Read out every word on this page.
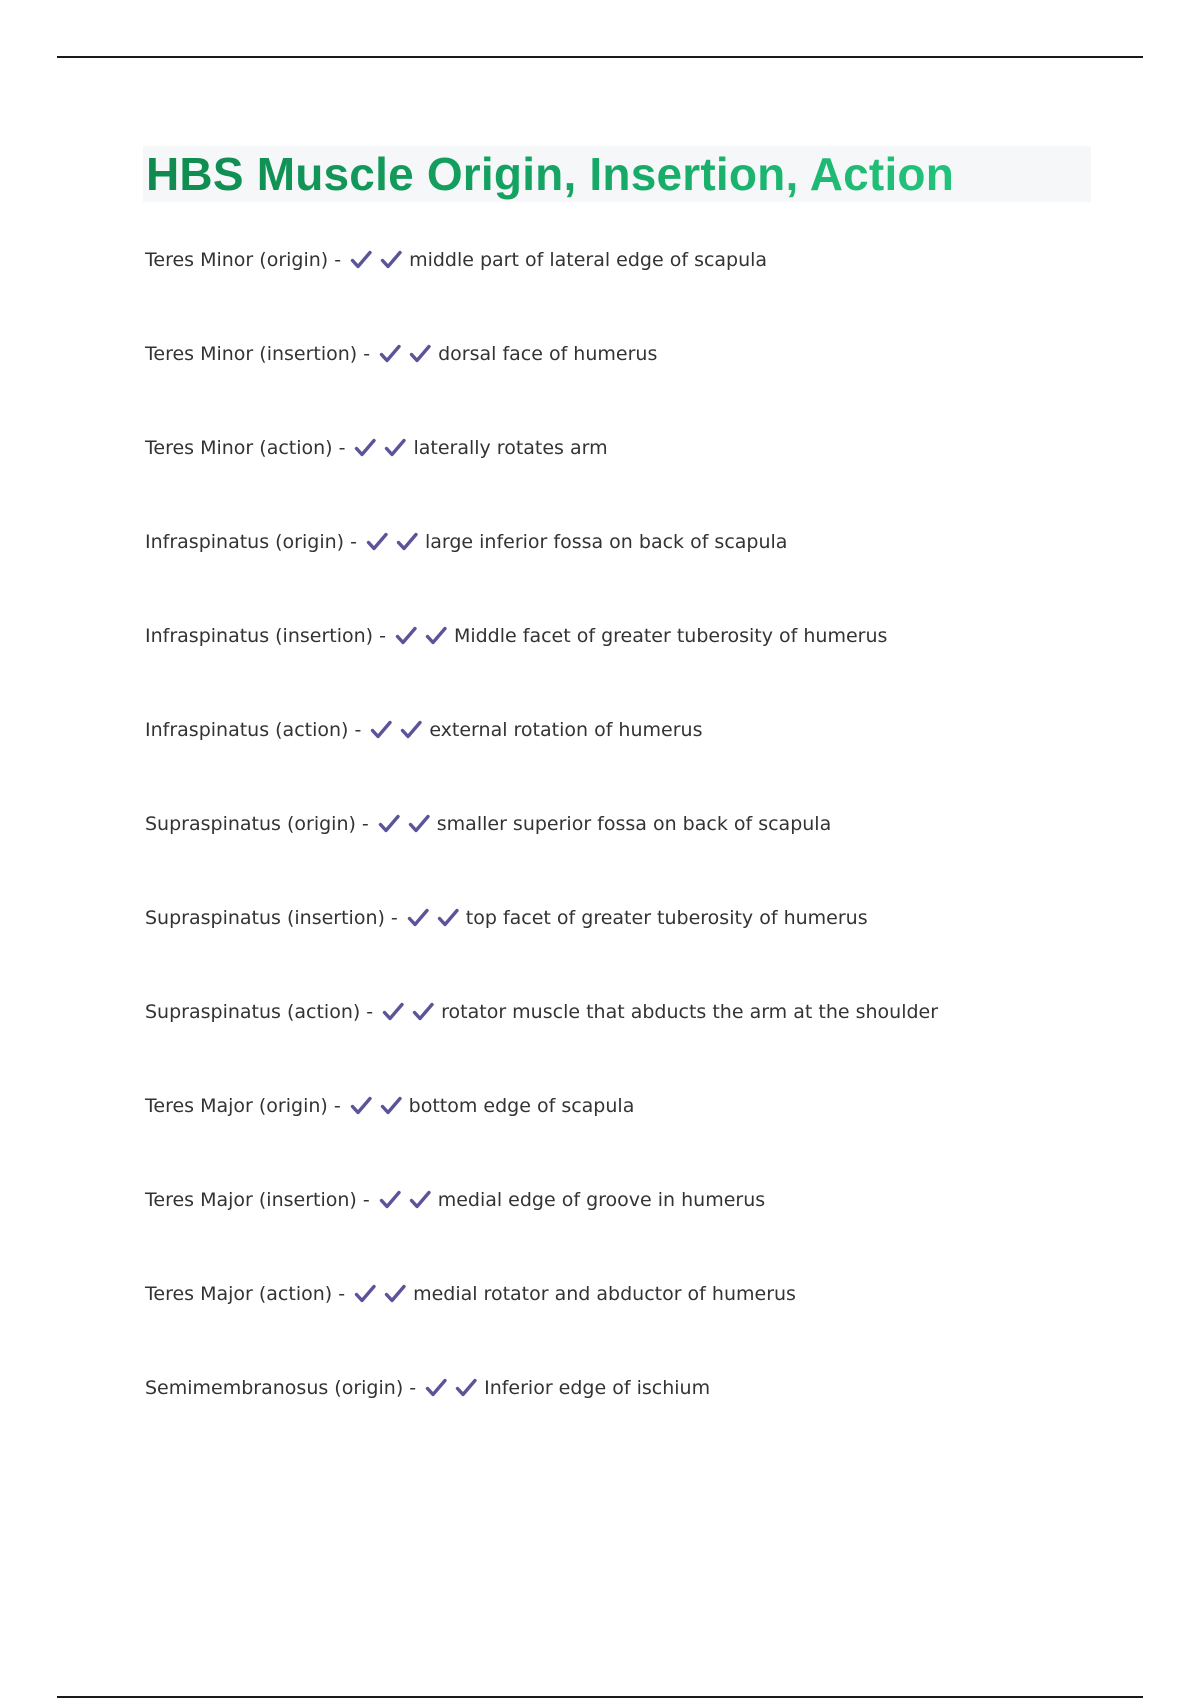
HBS Muscle Origin, Insertion, Action
Teres Minor (origin) -	middle part of lateral edge of scapula
Teres Minor (insertion) -	dorsal face of humerus
Teres Minor (action) -	laterally rotates arm
Infraspinatus (origin) -	large inferior fossa on back of scapula
Infraspinatus (insertion) -	Middle facet of greater tuberosity of humerus
Infraspinatus (action) -	external rotation of humerus
Supraspinatus (origin) -	smaller superior fossa on back of scapula
Supraspinatus (insertion) -	top facet of greater tuberosity of humerus
Supraspinatus (action) -	rotator muscle that abducts the arm at the shoulder
Teres Major (origin) -	bottom edge of scapula
Teres Major (insertion) -	medial edge of groove in humerus
Teres Major (action) -	medial rotator and abductor of humerus
Semimembranosus (origin) -	Inferior edge of ischium
